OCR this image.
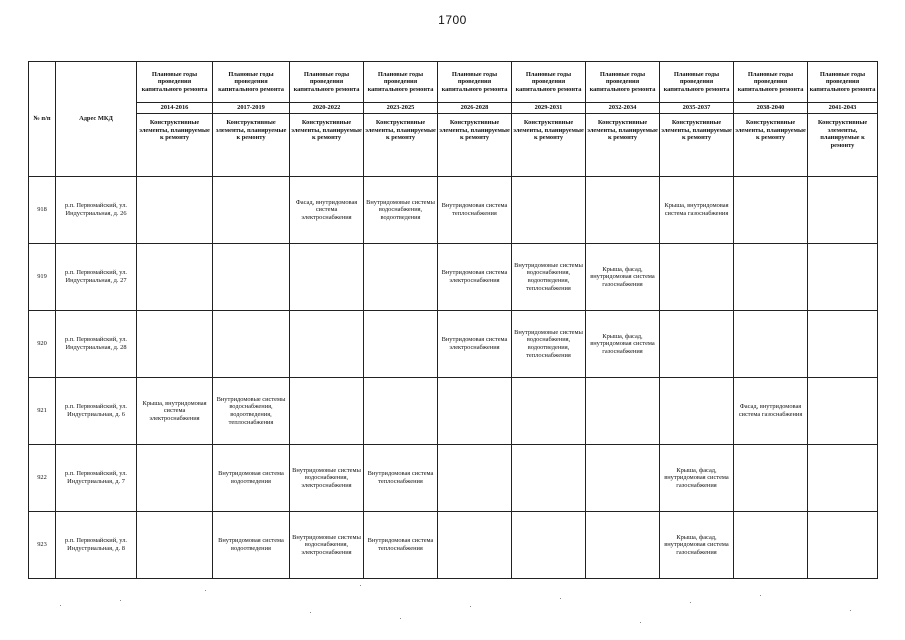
1700
№ п/п	Адрес МКД	Плановые годы проведения капитального ремонта	Плановые годы проведения капитального ремонта	Плановые годы проведения капитального ремонта	Плановые годы проведения капитального ремонта	Плановые годы проведения капитального ремонта	Плановые годы проведения капитального ремонта	Плановые годы проведения капитального ремонта	Плановые годы проведения капитального ремонта	Плановые годы проведения капитального ремонта	Плановые годы проведения капитального ремонта
		2014-2016	2017-2019	2020-2022	2023-2025	2026-2028	2029-2031	2032-2034	2035-2037	2038-2040	2041-2043
		Конструктивные элементы, планируемые к ремонту	Конструктивные элементы, планируемые к ремонту	Конструктивные элементы, планируемые к ремонту	Конструктивные элементы, планируемые к ремонту	Конструктивные элементы, планируемые к ремонту	Конструктивные элементы, планируемые к ремонту	Конструктивные элементы, планируемые к ремонту	Конструктивные элементы, планируемые к ремонту	Конструктивные элементы, планируемые к ремонту	Конструктивные элементы, планируемые к ремонту
918	р.п. Первомайский, ул. Индустриальная, д. 26			Фасад, внутридомовая система электроснабжения	Внутридомовые системы водоснабжения, водоотведения	Внутридомовая система теплоснабжения			Крыша, внутридомовая система газоснабжения		
919	р.п. Первомайский, ул. Индустриальная, д. 27					Внутридомовая система электроснабжения	Внутридомовые системы водоснабжения, водоотведения, теплоснабжения	Крыша, фасад, внутридомовая система газоснабжения			
920	р.п. Первомайский, ул. Индустриальная, д. 28					Внутридомовая система электроснабжения	Внутридомовые системы водоснабжения, водоотведения, теплоснабжения	Крыша, фасад, внутридомовая система газоснабжения			
921	р.п. Первомайский, ул. Индустриальная, д. 6	Крыша, внутридомовая система электроснабжения	Внутридомовые системы водоснабжения, водоотведения, теплоснабжения							Фасад, внутридомовая система газоснабжения	
922	р.п. Первомайский, ул. Индустриальная, д. 7		Внутридомовая система водоотведения	Внутридомовые системы водоснабжения, электроснабжения	Внутридомовая система теплоснабжения				Крыша, фасад, внутридомовая система газоснабжения		
923	р.п. Первомайский, ул. Индустриальная, д. 8		Внутридомовая система водоотведения	Внутридомовые системы водоснабжения, электроснабжения	Внутридомовая система теплоснабжения				Крыша, фасад, внутридомовая система газоснабжения		
